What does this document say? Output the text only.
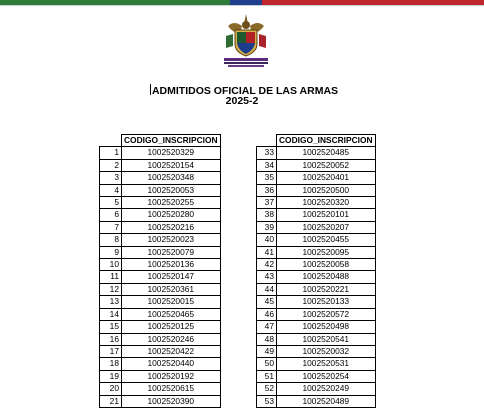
ADMITIDOS OFICIAL DE LAS ARMAS
2025-2
	CODIGO_INSCRIPCION
1	1002520329
2	1002520154
3	1002520348
4	1002520053
5	1002520255
6	1002520280
7	1002520216
8	1002520023
9	1002520079
10	1002520136
11	1002520147
12	1002520361
13	1002520015
14	1002520465
15	1002520125
16	1002520246
17	1002520422
18	1002520440
19	1002520192
20	1002520615
21	1002520390
	CODIGO_INSCRIPCION
33	1002520485
34	1002520052
35	1002520401
36	1002520500
37	1002520320
38	1002520101
39	1002520207
40	1002520455
41	1002520095
42	1002520058
43	1002520488
44	1002520221
45	1002520133
46	1002520572
47	1002520498
48	1002520541
49	1002520032
50	1002520531
51	1002520254
52	1002520249
53	1002520489
